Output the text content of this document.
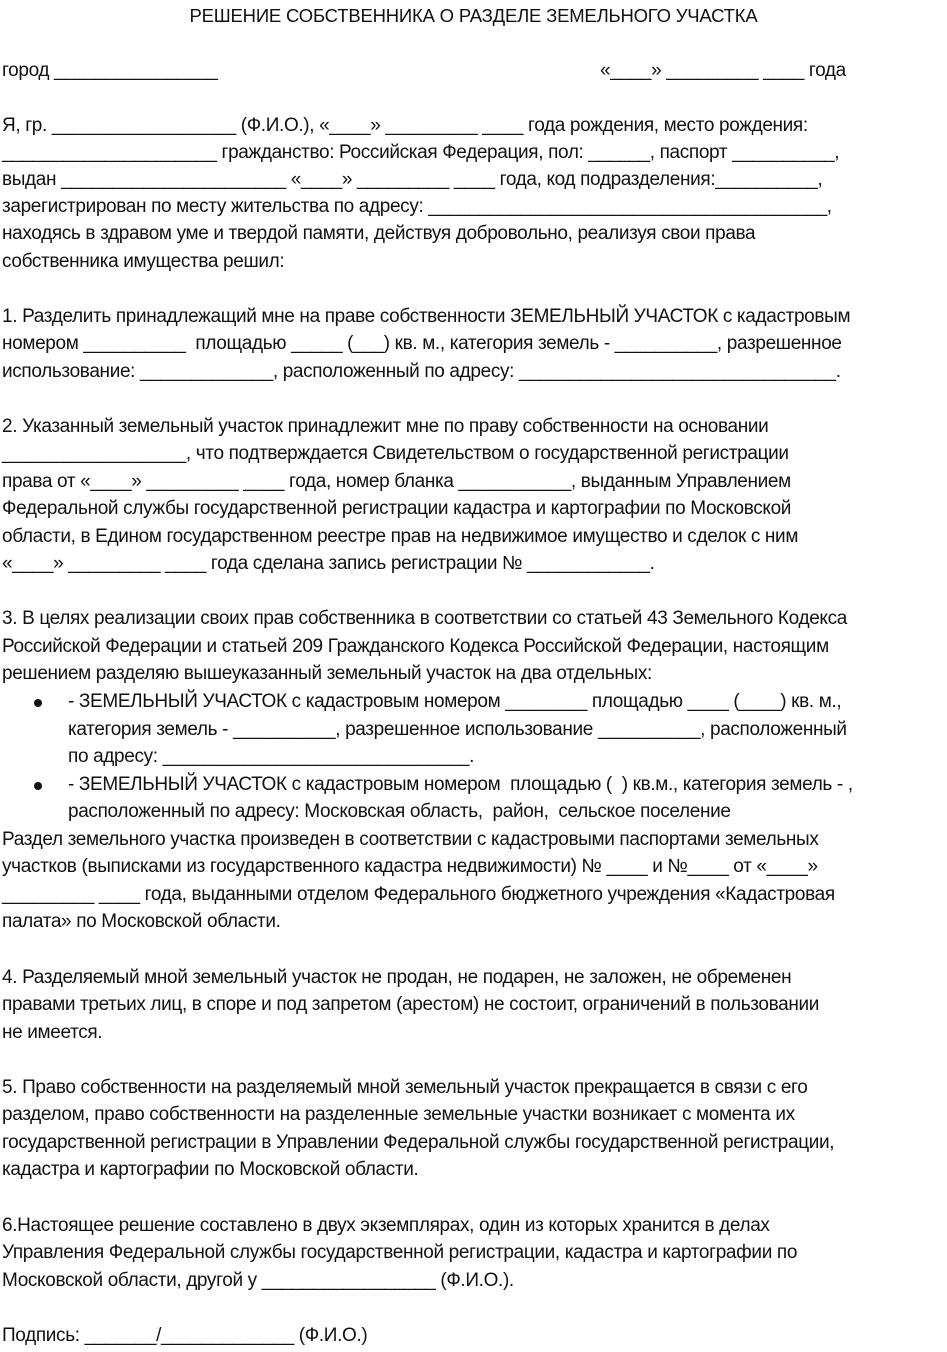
РЕШЕНИЕ СОБСТВЕННИКА О РАЗДЕЛЕ ЗЕМЕЛЬНОГО УЧАСТКА
город ________________	«____» _________ ____ года
Я, гр. __________________ (Ф.И.О.), «____» _________ ____ года рождения, место рождения:
_____________________ гражданство: Российская Федерация, пол: ______, паспорт __________,
выдан ______________________ «____» _________ ____ года, код подразделения:__________,
зарегистрирован по месту жительства по адресу: _______________________________________,
находясь в здравом уме и твердой памяти, действуя добровольно, реализуя свои права
собственника имущества решил:
1. Разделить принадлежащий мне на праве собственности ЗЕМЕЛЬНЫЙ УЧАСТОК с кадастровым
номером __________  площадью _____ (___) кв. м., категория земель - __________, разрешенное
использование: _____________, расположенный по адресу: _______________________________.
2. Указанный земельный участок принадлежит мне по праву собственности на основании
__________________, что подтверждается Свидетельством о государственной регистрации
права от «____» _________ ____ года, номер бланка ___________, выданным Управлением
Федеральной службы государственной регистрации кадастра и картографии по Московской
области, в Едином государственном реестре прав на недвижимое имущество и сделок с ним
«____» _________ ____ года сделана запись регистрации № ____________.
3. В целях реализации своих прав собственника в соответствии со статьей 43 Земельного Кодекса
Российской Федерации и статьей 209 Гражданского Кодекса Российской Федерации, настоящим
решением разделяю вышеуказанный земельный участок на два отдельных:
- ЗЕМЕЛЬНЫЙ УЧАСТОК с кадастровым номером ________ площадью ____ (____) кв. м.,
категория земель - __________, разрешенное использование __________, расположенный
по адресу: ______________________________.
- ЗЕМЕЛЬНЫЙ УЧАСТОК с кадастровым номером  площадью (  ) кв.м., категория земель - ,
расположенный по адресу: Московская область,  район,  сельское поселение
Раздел земельного участка произведен в соответствии с кадастровыми паспортами земельных
участков (выписками из государственного кадастра недвижимости) № ____ и №____ от «____»
_________ ____ года, выданными отделом Федерального бюджетного учреждения «Кадастровая
палата» по Московской области.
4. Разделяемый мной земельный участок не продан, не подарен, не заложен, не обременен
правами третьих лиц, в споре и под запретом (арестом) не состоит, ограничений в пользовании
не имеется.
5. Право собственности на разделяемый мной земельный участок прекращается в связи с его
разделом, право собственности на разделенные земельные участки возникает с момента их
государственной регистрации в Управлении Федеральной службы государственной регистрации,
кадастра и картографии по Московской области.
6.Настоящее решение составлено в двух экземплярах, один из которых хранится в делах
Управления Федеральной службы государственной регистрации, кадастра и картографии по
Московской области, другой у _________________ (Ф.И.О.).
Подпись: _______/_____________ (Ф.И.О.)
